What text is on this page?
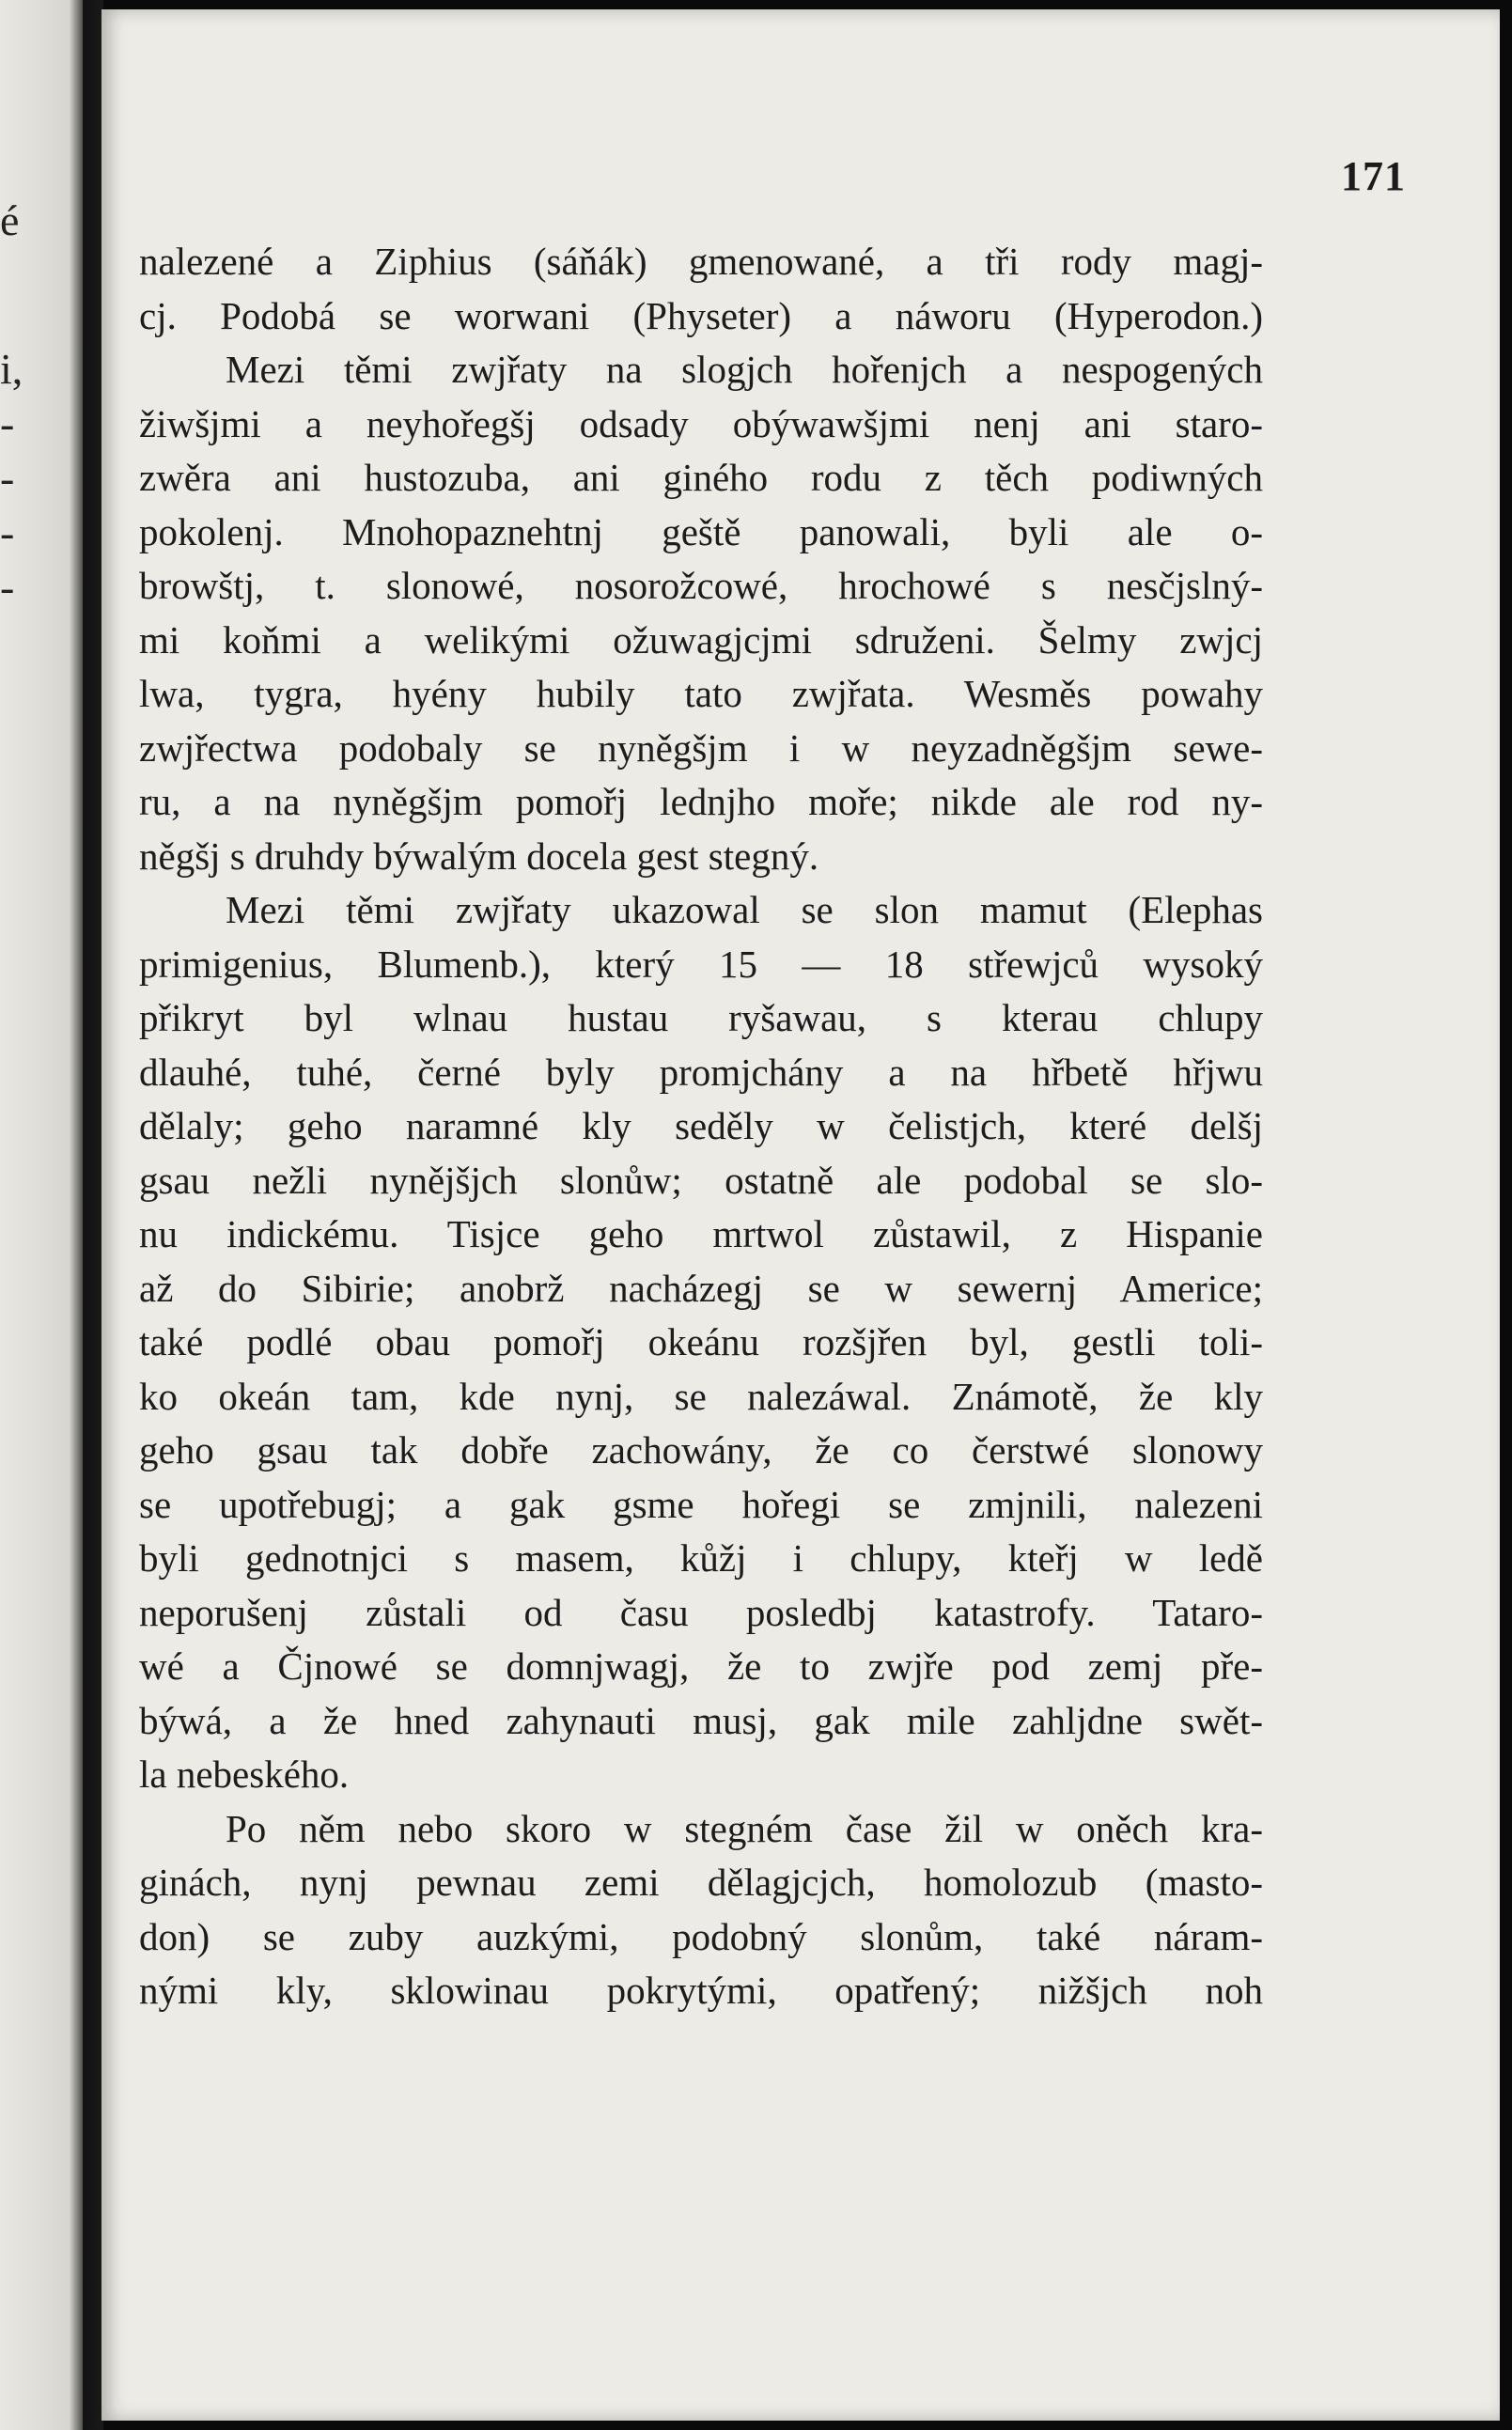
é
i,
-
-
-
-
171
nalezené a Ziphius (sáňák) gmenowané, a tři rody magj-
cj. Podobá se worwani (Physeter) a náworu (Hyperodon.)
Mezi těmi zwjřaty na slogjch hořenjch a nespogených
žiwšjmi a neyhořegšj odsady obýwawšjmi nenj ani staro-
zwěra ani hustozuba, ani giného rodu z těch podiwných
pokolenj. Mnohopaznehtnj geště panowali, byli ale o-
browštj, t. slonowé, nosorožcowé, hrochowé s nesčjslný-
mi koňmi a welikými ožuwagjcjmi sdruženi. Šelmy zwjcj
lwa, tygra, hyény hubily tato zwjřata. Wesměs powahy
zwjřectwa podobaly se nyněgšjm i w neyzadněgšjm sewe-
ru, a na nyněgšjm pomořj lednjho moře; nikde ale rod ny-
něgšj s druhdy býwalým docela gest stegný.
Mezi těmi zwjřaty ukazowal se slon mamut (Elephas
primigenius, Blumenb.), který 15 — 18 střewjců wysoký
přikryt byl wlnau hustau ryšawau, s kterau chlupy
dlauhé, tuhé, černé byly promjchány a na hřbetě hřjwu
dělaly; geho naramné kly seděly w čelistjch, které delšj
gsau nežli nynějšjch slonůw; ostatně ale podobal se slo-
nu indickému. Tisjce geho mrtwol zůstawil, z Hispanie
až do Sibirie; anobrž nacházegj se w sewernj Americe;
také podlé obau pomořj okeánu rozšjřen byl, gestli toli-
ko okeán tam, kde nynj, se nalezáwal. Známotě, že kly
geho gsau tak dobře zachowány, že co čerstwé slonowy
se upotřebugj; a gak gsme hořegi se zmjnili, nalezeni
byli gednotnjci s masem, kůžj i chlupy, kteřj w ledě
neporušenj zůstali od času posledbj katastrofy. Tataro-
wé a Čjnowé se domnjwagj, že to zwjře pod zemj pře-
býwá, a že hned zahynauti musj, gak mile zahljdne swět-
la nebeského.
Po něm nebo skoro w stegném čase žil w oněch kra-
ginách, nynj pewnau zemi dělagjcjch, homolozub (masto-
don) se zuby auzkými, podobný slonům, také náram-
nými kly, sklowinau pokrytými, opatřený; nižšjch noh
